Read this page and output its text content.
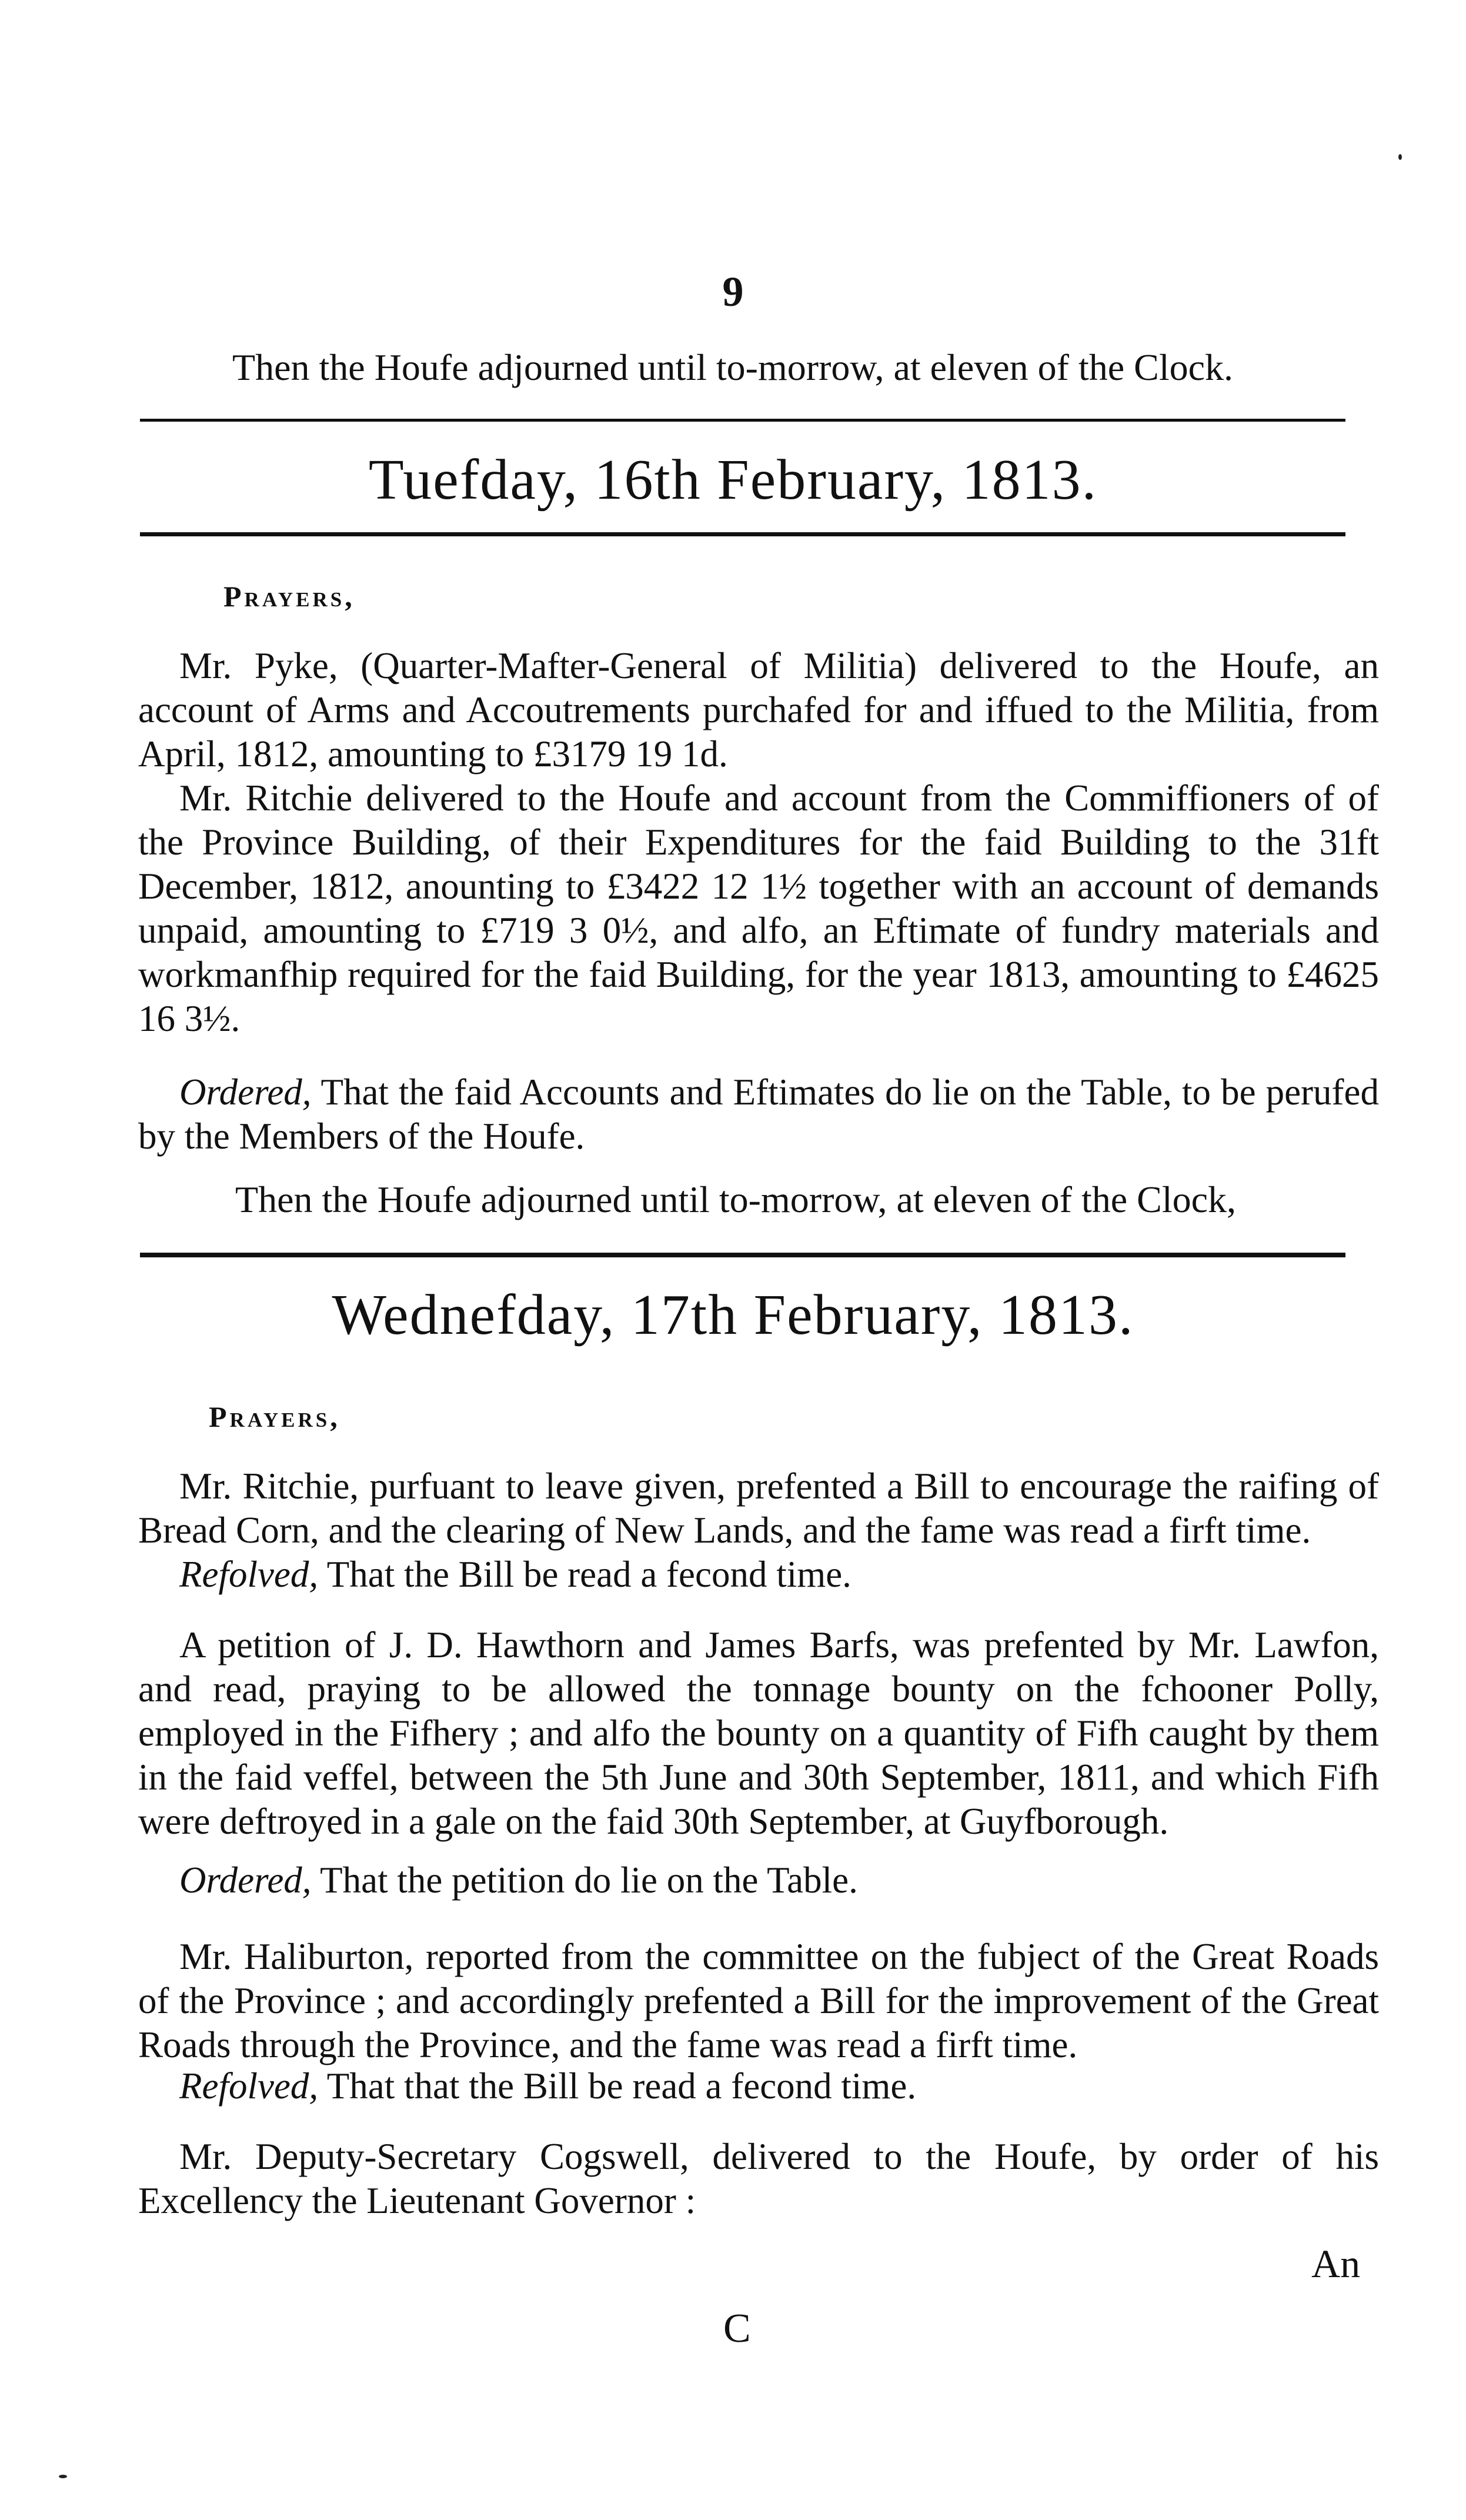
9
Then the Houfe adjourned until to-morrow, at eleven of the Clock.
Tuefday, 16th February, 1813.
Prayers,
Mr. Pyke, (Quarter-Mafter-General of Militia) delivered to the Houfe, an account of Arms and Accoutrements purchafed for and iffued to the Militia, from April, 1812, amounting to £3179 19 1d.
Mr. Ritchie delivered to the Houfe and account from the Commiffioners of of the Province Building, of their Expenditures for the faid Building to the 31ft December, 1812, anounting to £3422 12 1½ together with an account of demands unpaid, amounting to £719 3 0½, and alfo, an Eftimate of fundry materials and workmanfhip required for the faid Building, for the year 1813, amounting to £4625 16 3½.
Ordered, That the faid Accounts and Eftimates do lie on the Table, to be perufed by the Members of the Houfe.
Then the Houfe adjourned until to-morrow, at eleven of the Clock,
Wednefday, 17th February, 1813.
Prayers,
Mr. Ritchie, purfuant to leave given, prefented a Bill to encourage the raifing of Bread Corn, and the clearing of New Lands, and the fame was read a firft time.
Refolved, That the Bill be read a fecond time.
A petition of J. D. Hawthorn and James Barfs, was prefented by Mr. Lawfon, and read, praying to be allowed the tonnage bounty on the fchooner Polly, employed in the Fifhery ; and alfo the bounty on a quantity of Fifh caught by them in the faid veffel, between the 5th June and 30th September, 1811, and which Fifh were deftroyed in a gale on the faid 30th September, at Guyfborough.
Ordered, That the petition do lie on the Table.
Mr. Haliburton, reported from the committee on the fubject of the Great Roads of the Province ; and accordingly prefented a Bill for the improvement of the Great Roads through the Province, and the fame was read a firft time.
Refolved, That that the Bill be read a fecond time.
Mr. Deputy-Secretary Cogswell, delivered to the Houfe, by order of his Excellency the Lieutenant Governor :
An
C
